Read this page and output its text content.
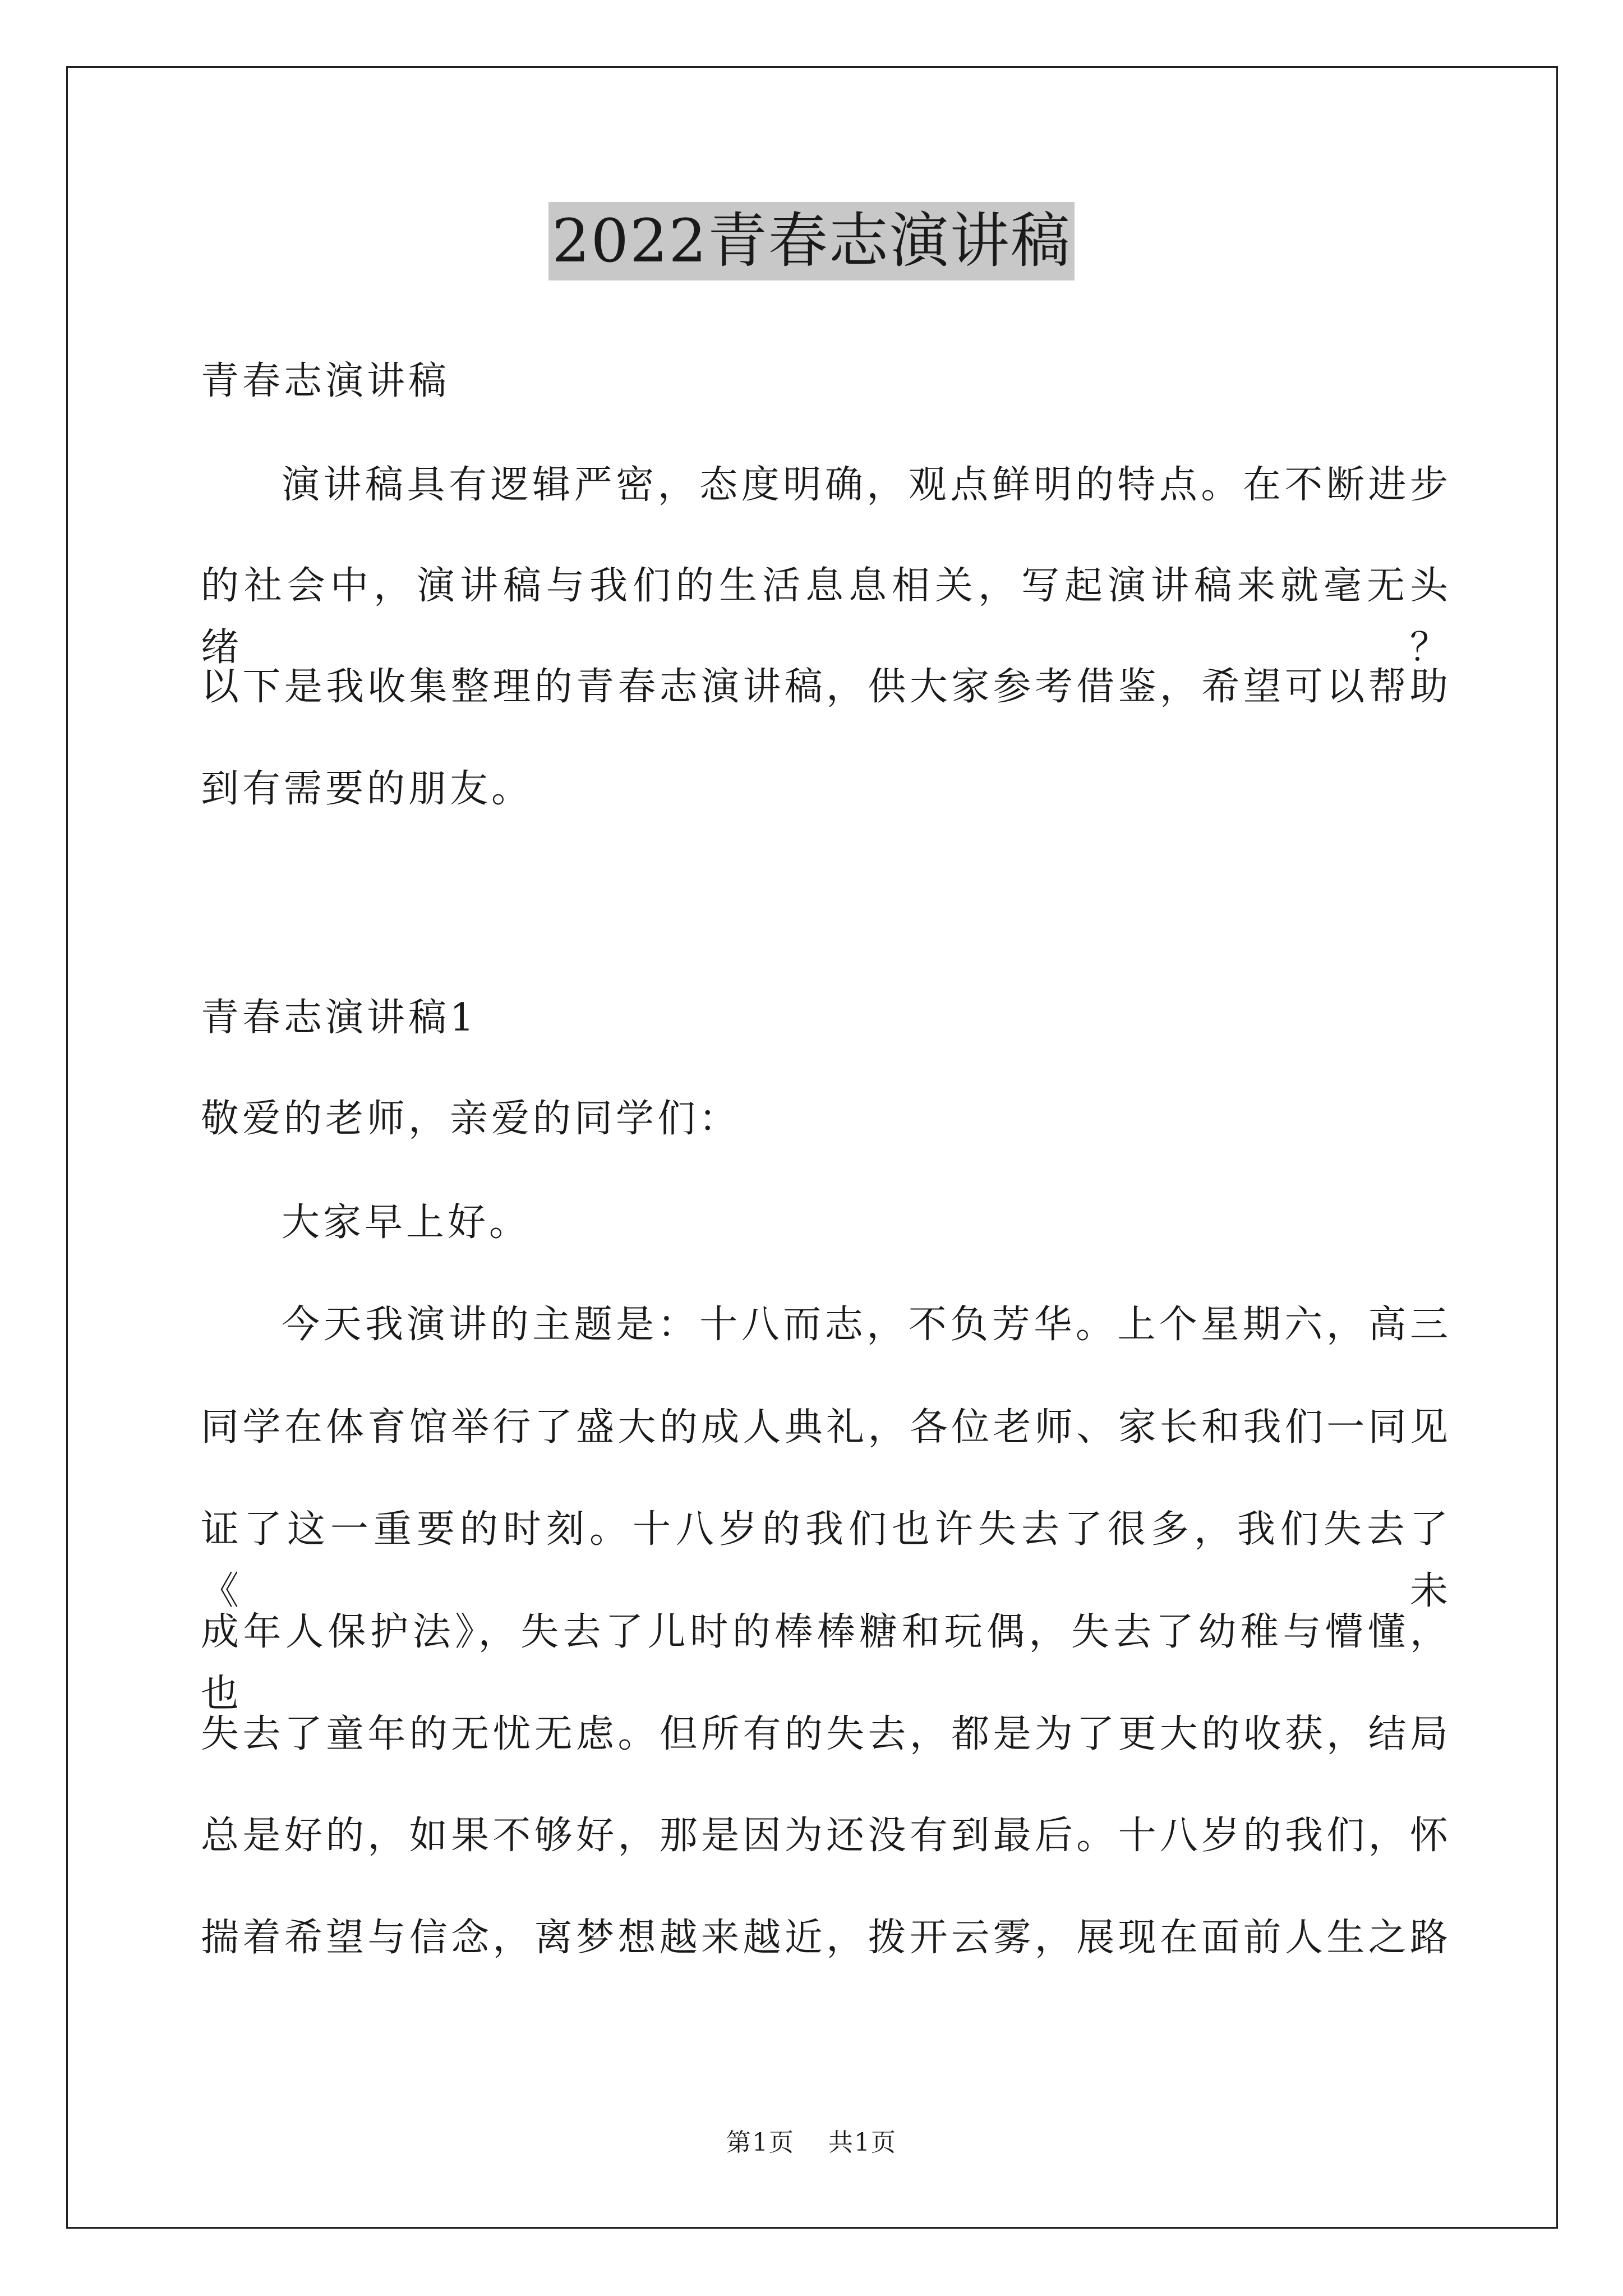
2022青春志演讲稿
青春志演讲稿
演讲稿具有逻辑严密，态度明确，观点鲜明的特点。在不断进步
的社会中，演讲稿与我们的生活息息相关，写起演讲稿来就毫无头绪？
以下是我收集整理的青春志演讲稿，供大家参考借鉴，希望可以帮助
到有需要的朋友。
青春志演讲稿1
敬爱的老师，亲爱的同学们：
大家早上好。
今天我演讲的主题是：十八而志，不负芳华。上个星期六，高三
同学在体育馆举行了盛大的成人典礼，各位老师、家长和我们一同见
证了这一重要的时刻。十八岁的我们也许失去了很多，我们失去了《未
成年人保护法》，失去了儿时的棒棒糖和玩偶，失去了幼稚与懵懂，也
失去了童年的无忧无虑。但所有的失去，都是为了更大的收获，结局
总是好的，如果不够好，那是因为还没有到最后。十八岁的我们，怀
揣着希望与信念，离梦想越来越近，拨开云雾，展现在面前人生之路
第1页 共1页
